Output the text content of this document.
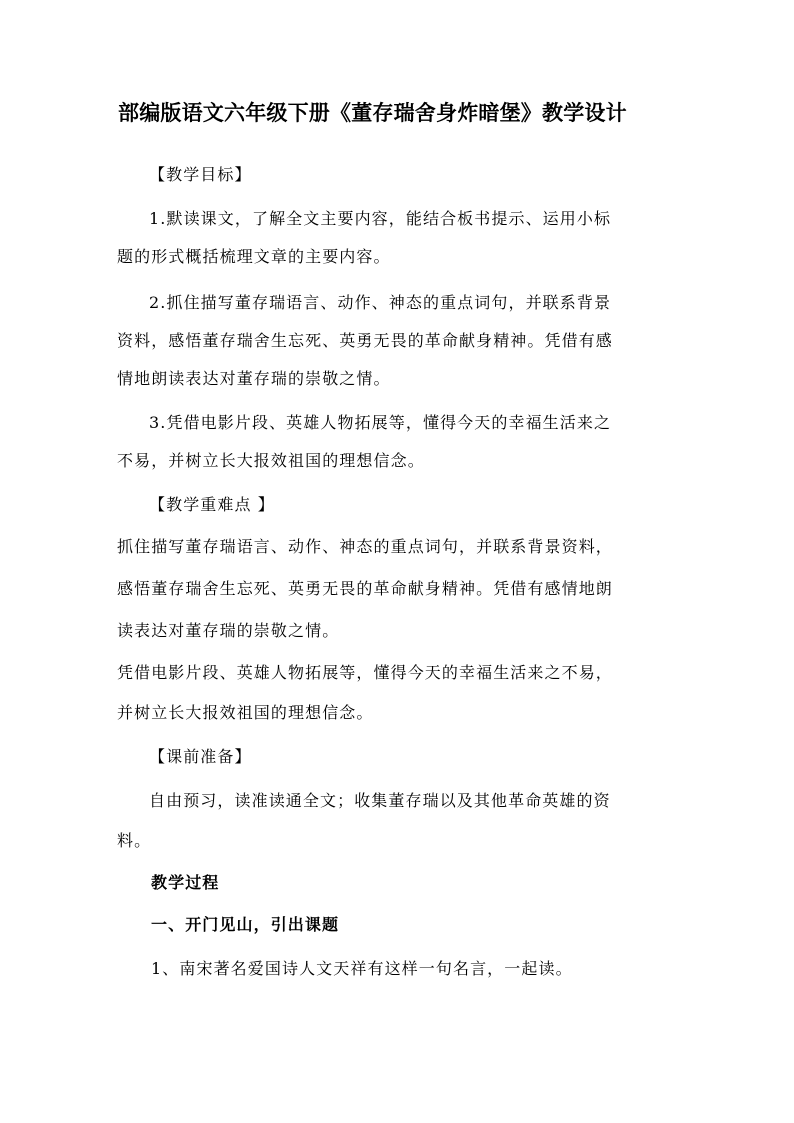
部编版语文六年级下册《董存瑞舍身炸暗堡》教学设计
【教学目标】
1.默读课文，了解全文主要内容，能结合板书提示、运用小标
题的形式概括梳理文章的主要内容。
2.抓住描写董存瑞语言、动作、神态的重点词句，并联系背景
资料，感悟董存瑞舍生忘死、英勇无畏的革命献身精神。凭借有感
情地朗读表达对董存瑞的崇敬之情。
3.凭借电影片段、英雄人物拓展等，懂得今天的幸福生活来之
不易，并树立长大报效祖国的理想信念。
【教学重难点 】
抓住描写董存瑞语言、动作、神态的重点词句，并联系背景资料，
感悟董存瑞舍生忘死、英勇无畏的革命献身精神。凭借有感情地朗
读表达对董存瑞的崇敬之情。
凭借电影片段、英雄人物拓展等，懂得今天的幸福生活来之不易，
并树立长大报效祖国的理想信念。
【课前准备】
自由预习，读准读通全文；收集董存瑞以及其他革命英雄的资
料。
教学过程
一、开门见山，引出课题
1、南宋著名爱国诗人文天祥有这样一句名言，一起读。
